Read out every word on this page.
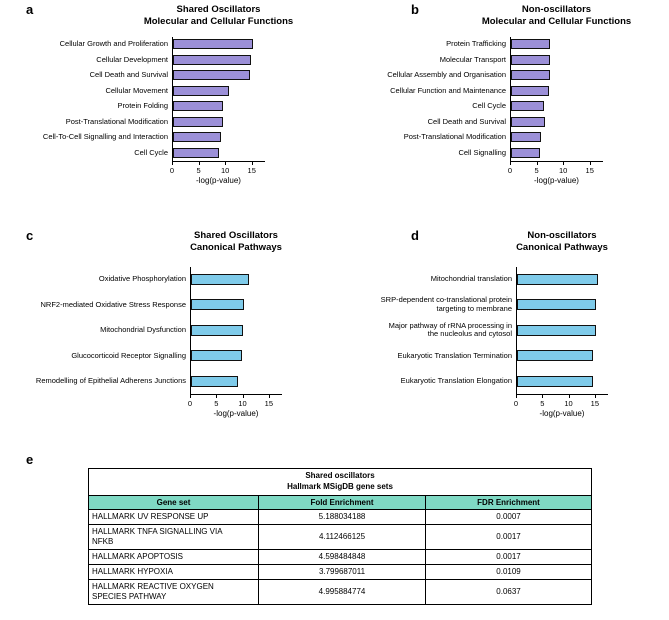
a	b
c	d
e
Shared Oscillators
Molecular and Cellular Functions
Cellular Growth and Proliferation
Cellular Development
Cell Death and Survival
Cellular Movement
Protein Folding
Post-Translational Modification
Cell-To-Cell Signalling and Interaction
Cell Cycle
0	5	10 15
-log(p-value)
Non-oscillators
Molecular and Cellular Functions
Protein Trafficking
Molecular Transport
Cellular Assembly and Organisation
Cellular Function and Maintenance
Cell Cycle
Cell Death and Survival
Post-Translational Modification
Cell Signalling
0	5	10 15
-log(p-value)
Shared Oscillators
Canonical Pathways
Oxidative Phosphorylation
NRF2-mediated Oxidative Stress Response
Mitochondrial Dysfunction
Glucocorticoid Receptor Signalling
Remodelling of Epithelial Adherens Junctions
0	5	10 15
-log(p-value)
Non-oscillators
Canonical Pathways
Mitochondrial translation
SRP-dependent co-translational protein targeting to membrane
Major pathway of rRNA processing in the nucleolus and cytosol
Eukaryotic Translation Termination
Eukaryotic Translation Elongation
0	5	10 15
-log(p-value)
Shared oscillators
Hallmark MSigDB gene sets		

Gene set	Fold Enrichment	FDR Enrichment

HALLMARK UV RESPONSE UP	5.188034188	0.0007

HALLMARK TNFA SIGNALLING VIA NFKB	4.112466125	0.0017

HALLMARK APOPTOSIS	4.598484848	0.0017

HALLMARK HYPOXIA	3.799687011	0.0109

HALLMARK REACTIVE OXYGEN SPECIES PATHWAY	4.995884774	0.0637
